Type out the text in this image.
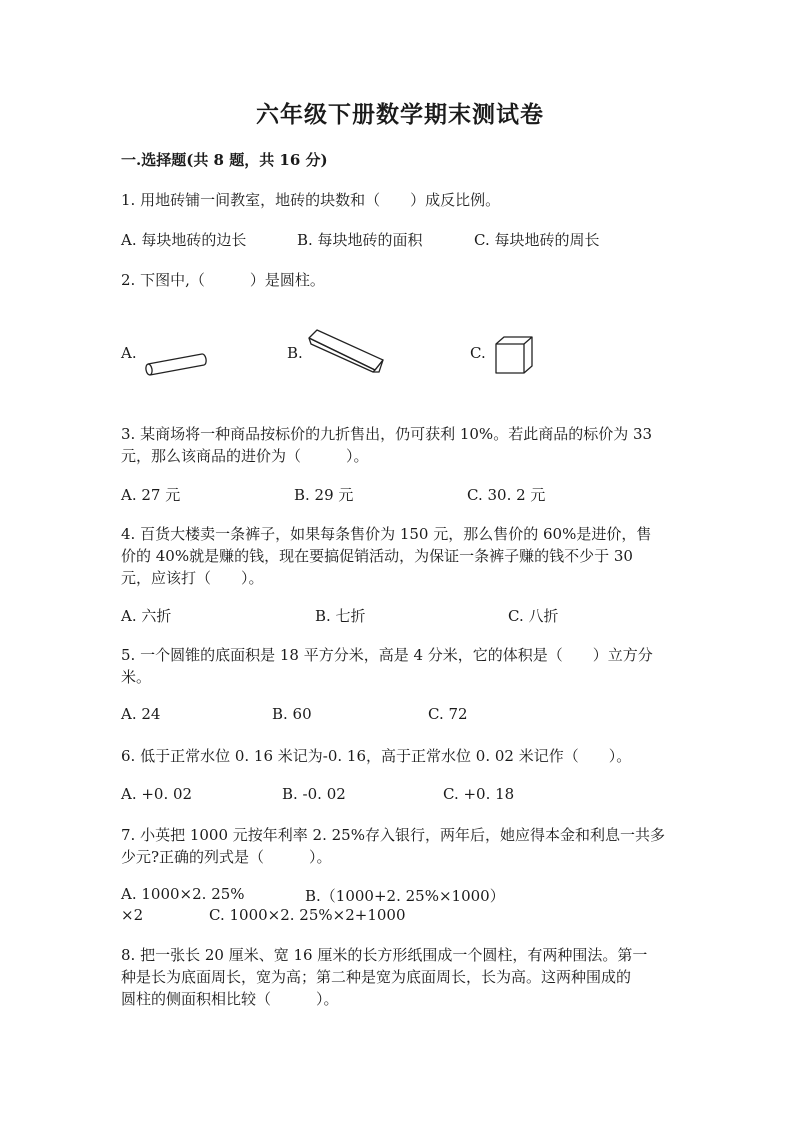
六年级下册数学期末测试卷
一.选择题(共 8 题，共 16 分)
1. 用地砖铺一间教室，地砖的块数和（　　）成反比例。
A. 每块地砖的边长	B. 每块地砖的面积	C. 每块地砖的周长
2. 下图中,（　　　）是圆柱。
A.	B.	C.
3. 某商场将一种商品按标价的九折售出，仍可获利 10%。若此商品的标价为 33
元，那么该商品的进价为（　　　）。
A. 27 元	B. 29 元	C. 30. 2 元
4. 百货大楼卖一条裤子，如果每条售价为 150 元，那么售价的 60%是进价，售
价的 40%就是赚的钱，现在要搞促销活动，为保证一条裤子赚的钱不少于 30
元，应该打（　　）。
A. 六折	B. 七折	C. 八折
5. 一个圆锥的底面积是 18 平方分米，高是 4 分米，它的体积是（　　）立方分
米。
A. 24	B. 60	C. 72
6. 低于正常水位 0. 16 米记为-0. 16，高于正常水位 0. 02 米记作（　　）。
A. +0. 02	B. -0. 02	C. +0. 18
7. 小英把 1000 元按年利率 2. 25%存入银行，两年后，她应得本金和利息一共多
少元?正确的列式是（　　　）。
A. 1000×2. 25%	B.（1000+2. 25%×1000）
×2	C. 1000×2. 25%×2+1000
8. 把一张长 20 厘米、宽 16 厘米的长方形纸围成一个圆柱，有两种围法。第一
种是长为底面周长，宽为高；第二种是宽为底面周长，长为高。这两种围成的
圆柱的侧面积相比较（　　　）。
